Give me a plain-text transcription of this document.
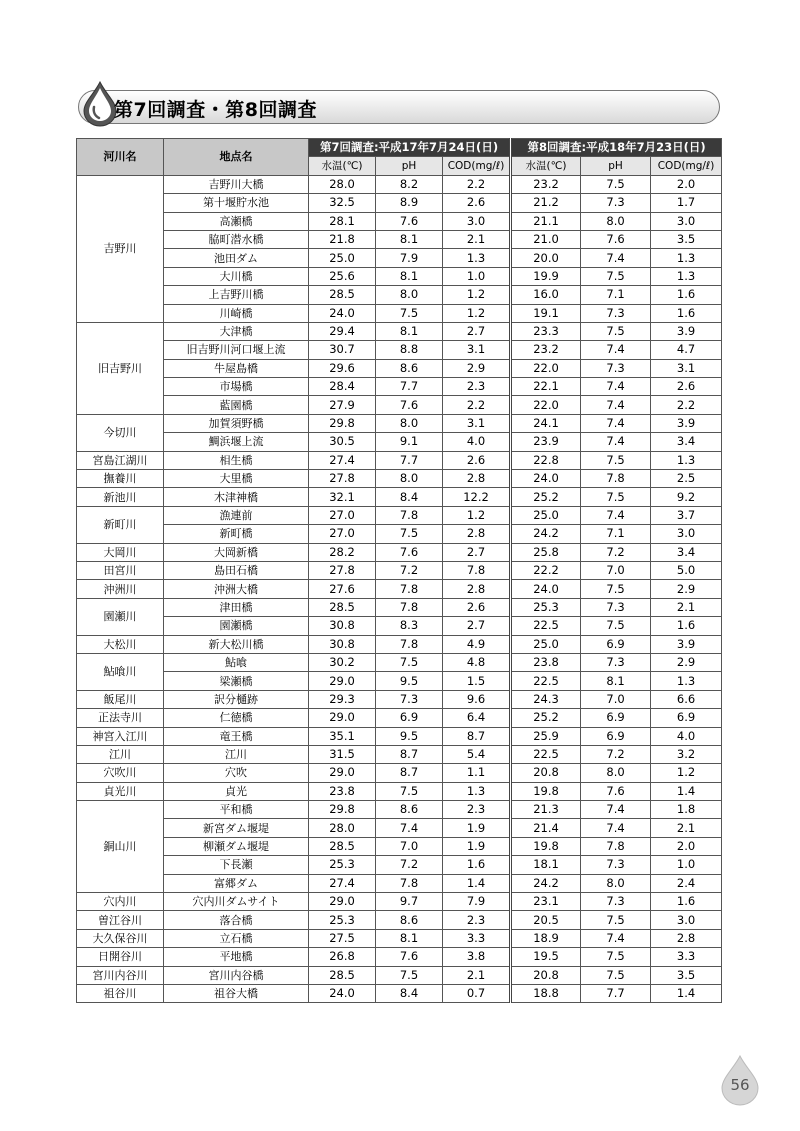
第7回調査・第8回調査
河川名	地点名	第7回調査:平成17年7月24日(日)			第8回調査:平成18年7月23日(日)		
		水温(℃)	pH	COD(mg/ℓ)	水温(℃)	pH	COD(mg/ℓ)
吉野川	吉野川大橋	28.0	8.2	2.2	23.2	7.5	2.0
	第十堰貯水池	32.5	8.9	2.6	21.2	7.3	1.7
	高瀬橋	28.1	7.6	3.0	21.1	8.0	3.0
	脇町潜水橋	21.8	8.1	2.1	21.0	7.6	3.5
	池田ダム	25.0	7.9	1.3	20.0	7.4	1.3
	大川橋	25.6	8.1	1.0	19.9	7.5	1.3
	上吉野川橋	28.5	8.0	1.2	16.0	7.1	1.6
	川崎橋	24.0	7.5	1.2	19.1	7.3	1.6
旧吉野川	大津橋	29.4	8.1	2.7	23.3	7.5	3.9
	旧吉野川河口堰上流	30.7	8.8	3.1	23.2	7.4	4.7
	牛屋島橋	29.6	8.6	2.9	22.0	7.3	3.1
	市場橋	28.4	7.7	2.3	22.1	7.4	2.6
	藍園橋	27.9	7.6	2.2	22.0	7.4	2.2
今切川	加賀須野橋	29.8	8.0	3.1	24.1	7.4	3.9
	鯛浜堰上流	30.5	9.1	4.0	23.9	7.4	3.4
宮島江湖川	相生橋	27.4	7.7	2.6	22.8	7.5	1.3
撫養川	大里橋	27.8	8.0	2.8	24.0	7.8	2.5
新池川	木津神橋	32.1	8.4	12.2	25.2	7.5	9.2
新町川	漁連前	27.0	7.8	1.2	25.0	7.4	3.7
	新町橋	27.0	7.5	2.8	24.2	7.1	3.0
大岡川	大岡新橋	28.2	7.6	2.7	25.8	7.2	3.4
田宮川	島田石橋	27.8	7.2	7.8	22.2	7.0	5.0
沖洲川	沖洲大橋	27.6	7.8	2.8	24.0	7.5	2.9
園瀬川	津田橋	28.5	7.8	2.6	25.3	7.3	2.1
	園瀬橋	30.8	8.3	2.7	22.5	7.5	1.6
大松川	新大松川橋	30.8	7.8	4.9	25.0	6.9	3.9
鮎喰川	鮎喰	30.2	7.5	4.8	23.8	7.3	2.9
	梁瀬橋	29.0	9.5	1.5	22.5	8.1	1.3
飯尾川	訳分樋跡	29.3	7.3	9.6	24.3	7.0	6.6
正法寺川	仁徳橋	29.0	6.9	6.4	25.2	6.9	6.9
神宮入江川	竜王橋	35.1	9.5	8.7	25.9	6.9	4.0
江川	江川	31.5	8.7	5.4	22.5	7.2	3.2
穴吹川	穴吹	29.0	8.7	1.1	20.8	8.0	1.2
貞光川	貞光	23.8	7.5	1.3	19.8	7.6	1.4
銅山川	平和橋	29.8	8.6	2.3	21.3	7.4	1.8
	新宮ダム堰堤	28.0	7.4	1.9	21.4	7.4	2.1
	柳瀬ダム堰堤	28.5	7.0	1.9	19.8	7.8	2.0
	下長瀬	25.3	7.2	1.6	18.1	7.3	1.0
	富郷ダム	27.4	7.8	1.4	24.2	8.0	2.4
穴内川	穴内川ダムサイト	29.0	9.7	7.9	23.1	7.3	1.6
曽江谷川	落合橋	25.3	8.6	2.3	20.5	7.5	3.0
大久保谷川	立石橋	27.5	8.1	3.3	18.9	7.4	2.8
日開谷川	平地橋	26.8	7.6	3.8	19.5	7.5	3.3
宮川内谷川	宮川内谷橋	28.5	7.5	2.1	20.8	7.5	3.5
祖谷川	祖谷大橋	24.0	8.4	0.7	18.8	7.7	1.4
56
